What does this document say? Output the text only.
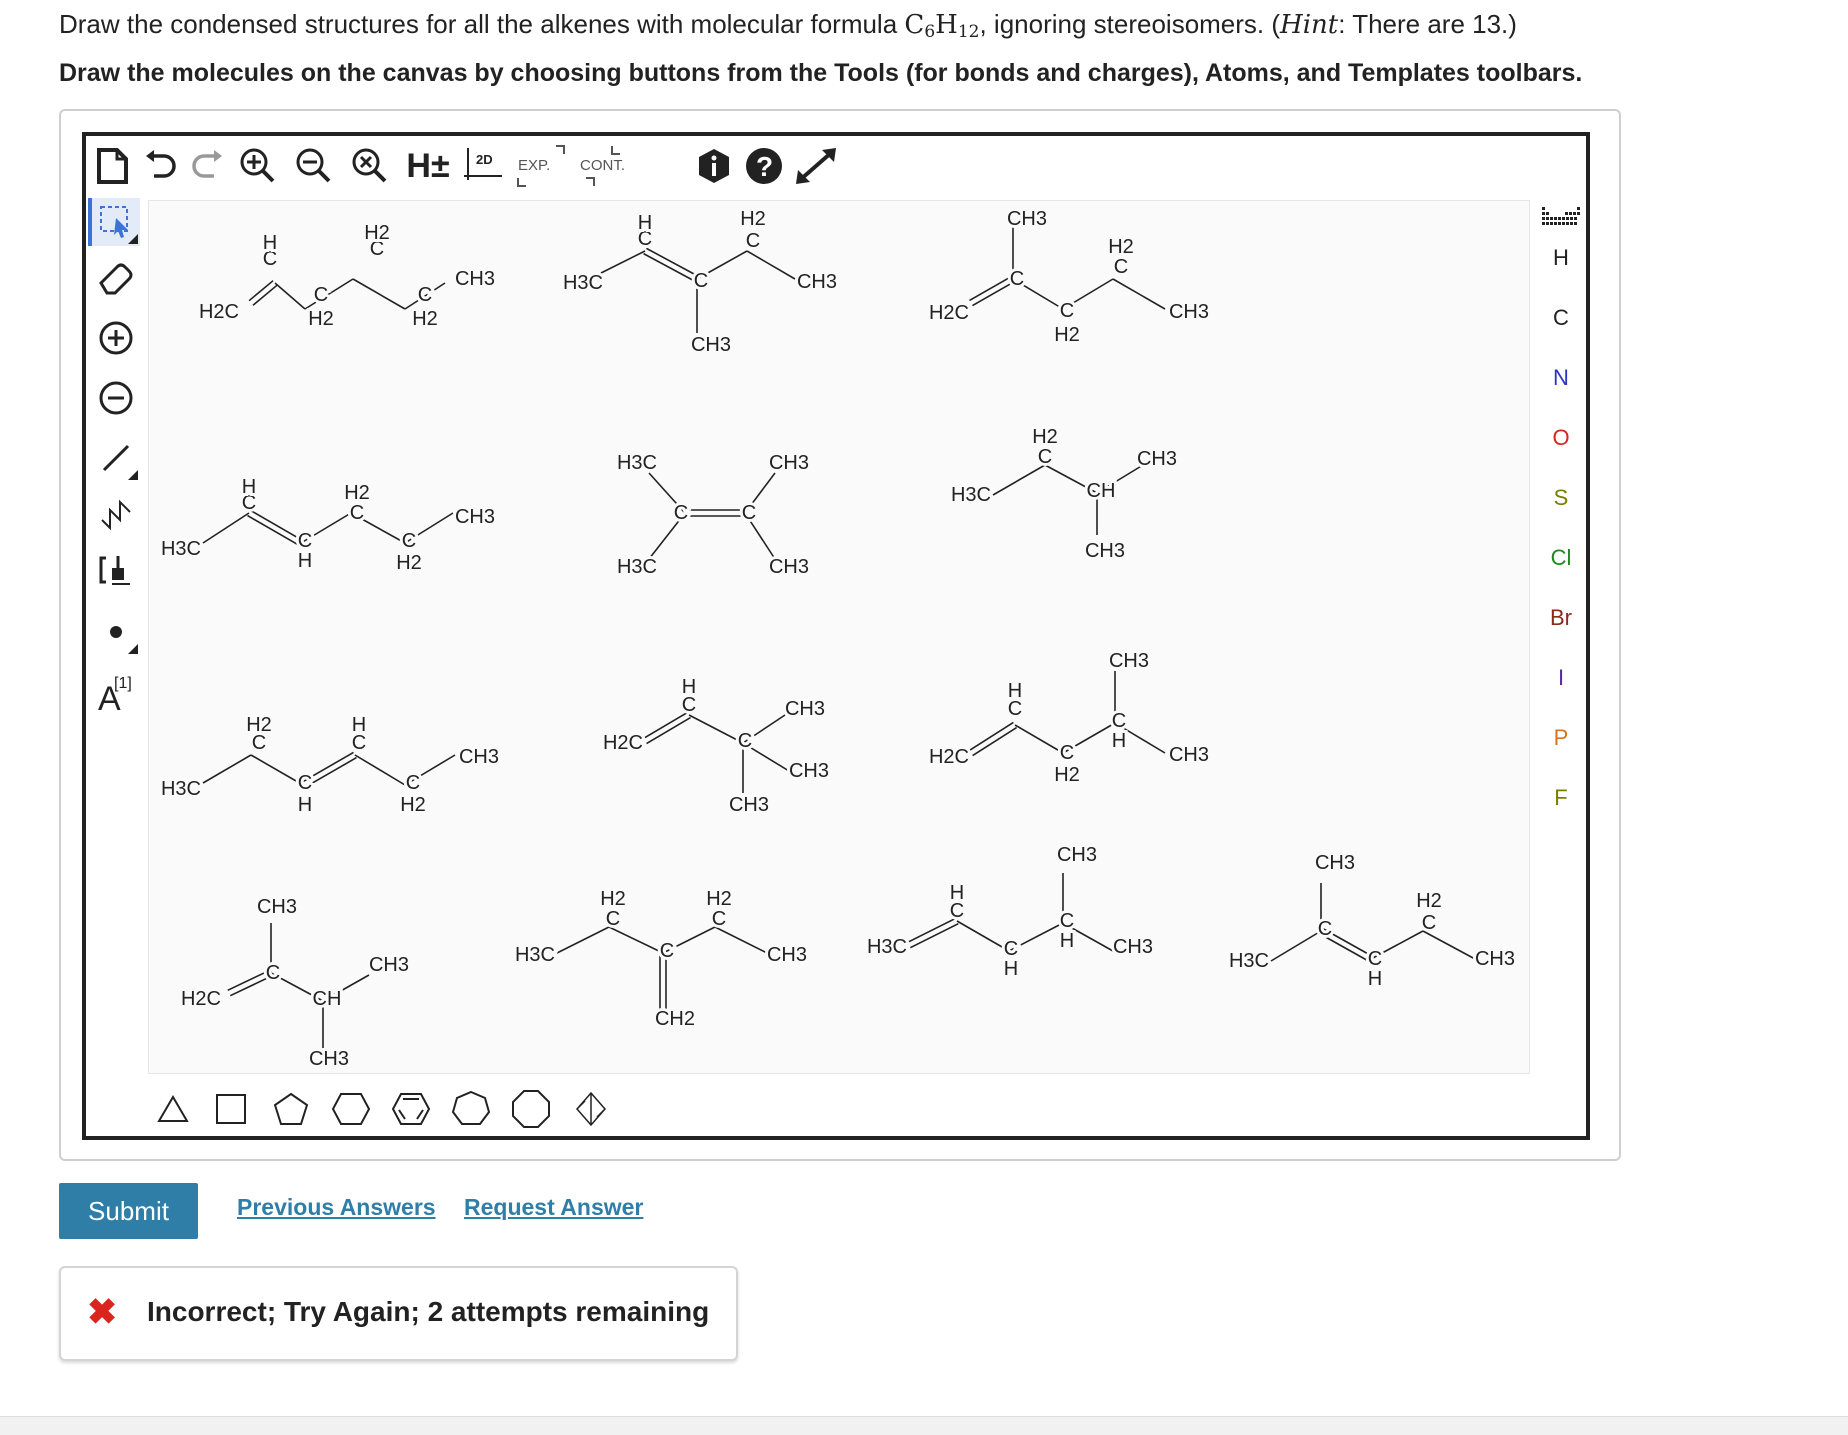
Draw the condensed structures for all the alkenes with molecular formula $C_6H_{12}$, ignoring stereoisomers. (Hint: There are 13.)
Draw the molecules on the canvas by choosing buttons from the Tools (for bonds and charges), Atoms, and Templates toolbars.
H±	2D EXP. CONT.	?
A
[1]
H2C
C
H
C
H2
C
H2
C
H2
CH3	H3C
C
H
C
C
H2
CH3
CH3
H2C
C
CH3
C
H2
C
H2
CH3
H3C
C
H
C
H
C
H2
C
H2
CH3
H3C
C	C
CH3
H3C	CH3
H3C
C
H2
CH
CH3
CH3
H3C
C
H2
C
H
C
H
C
H2
CH3
H2C
C
H
C
CH3
CH3
CH3
H2C
C
H
C
H2
C
H
CH3
CH3
H2C
C
CH3
CH
CH3
CH3
H3C
C
H2
C
C
H2
CH3
CH2
H3C
C
H
C
H
C
H
CH3
CH3
H3C
C
CH3
C
H
C
H2
CH3
H
C
N
O
S
Cl
Br
I
P
F
Submit	Previous Answers Request Answer
✖ Incorrect; Try Again; 2 attempts remaining
